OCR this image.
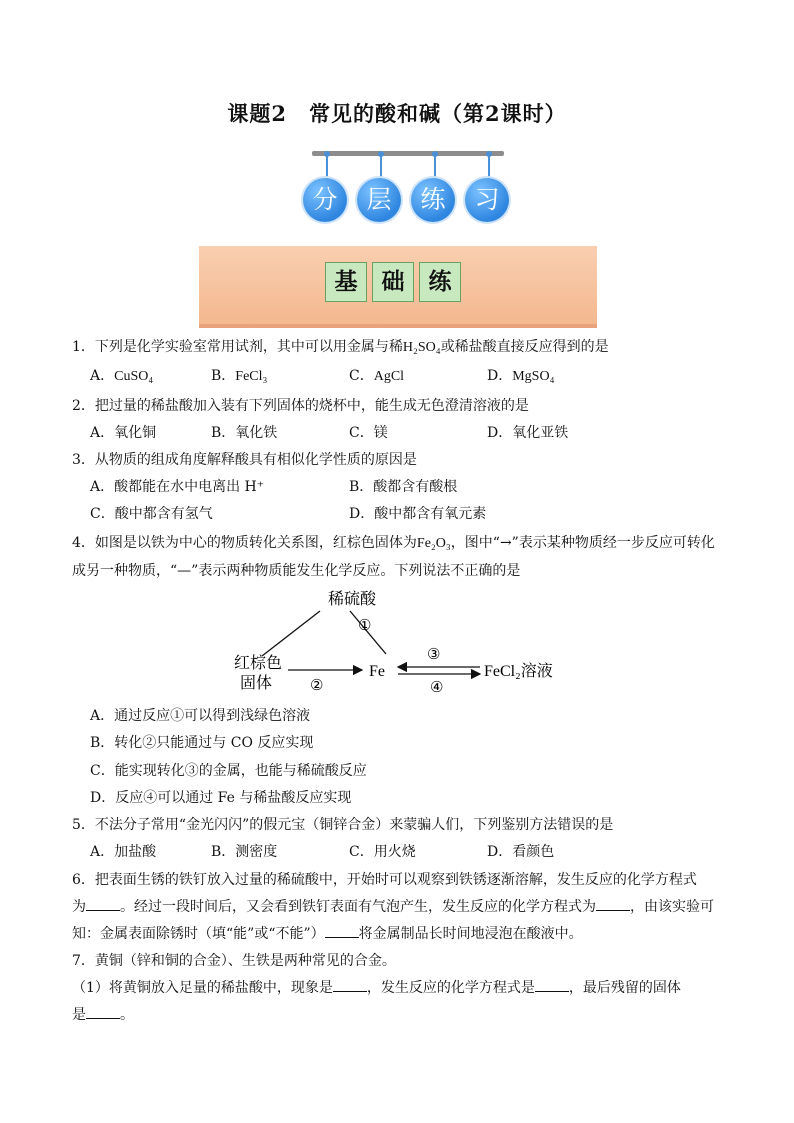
课题2　常见的酸和碱（第2课时）
分	层	练	习
基	础	练
1．下列是化学实验室常用试剂，其中可以用金属与稀H₂SO₄或稀盐酸直接反应得到的是
A．CuSO₄	B．FeCl₃	C．AgCl	D．MgSO₄
2．把过量的稀盐酸加入装有下列固体的烧杯中，能生成无色澄清溶液的是
A．氧化铜	B．氧化铁	C．镁	D．氧化亚铁
3．从物质的组成角度解释酸具有相似化学性质的原因是
A．酸都能在水中电离出 H⁺	B．酸都含有酸根
C．酸中都含有氢气	D．酸中都含有氧元素
4．如图是以铁为中心的物质转化关系图，红棕色固体为Fe₂O₃，图中“→”表示某种物质经一步反应可转化
成另一种物质，“—”表示两种物质能发生化学反应。下列说法不正确的是
稀硫酸
①
红棕色
固体	②
Fe
③
④
FeCl₂溶液
A．通过反应①可以得到浅绿色溶液
B．转化②只能通过与 CO 反应实现
C．能实现转化③的金属，也能与稀硫酸反应
D．反应④可以通过 Fe 与稀盐酸反应实现
5．不法分子常用“金光闪闪”的假元宝（铜锌合金）来蒙骗人们，下列鉴别方法错误的是
A．加盐酸	B．测密度	C．用火烧	D．看颜色
6．把表面生锈的铁钉放入过量的稀硫酸中，开始时可以观察到铁锈逐渐溶解，发生反应的化学方程式
为 。经过一段时间后，又会看到铁钉表面有气泡产生，发生反应的化学方程式为 ，由该实验可
知：金属表面除锈时（填“能”或“不能”） 将金属制品长时间地浸泡在酸液中。
7．黄铜（锌和铜的合金）、生铁是两种常见的合金。
（1）将黄铜放入足量的稀盐酸中，现象是 ，发生反应的化学方程式是 ，最后残留的固体
是 。
